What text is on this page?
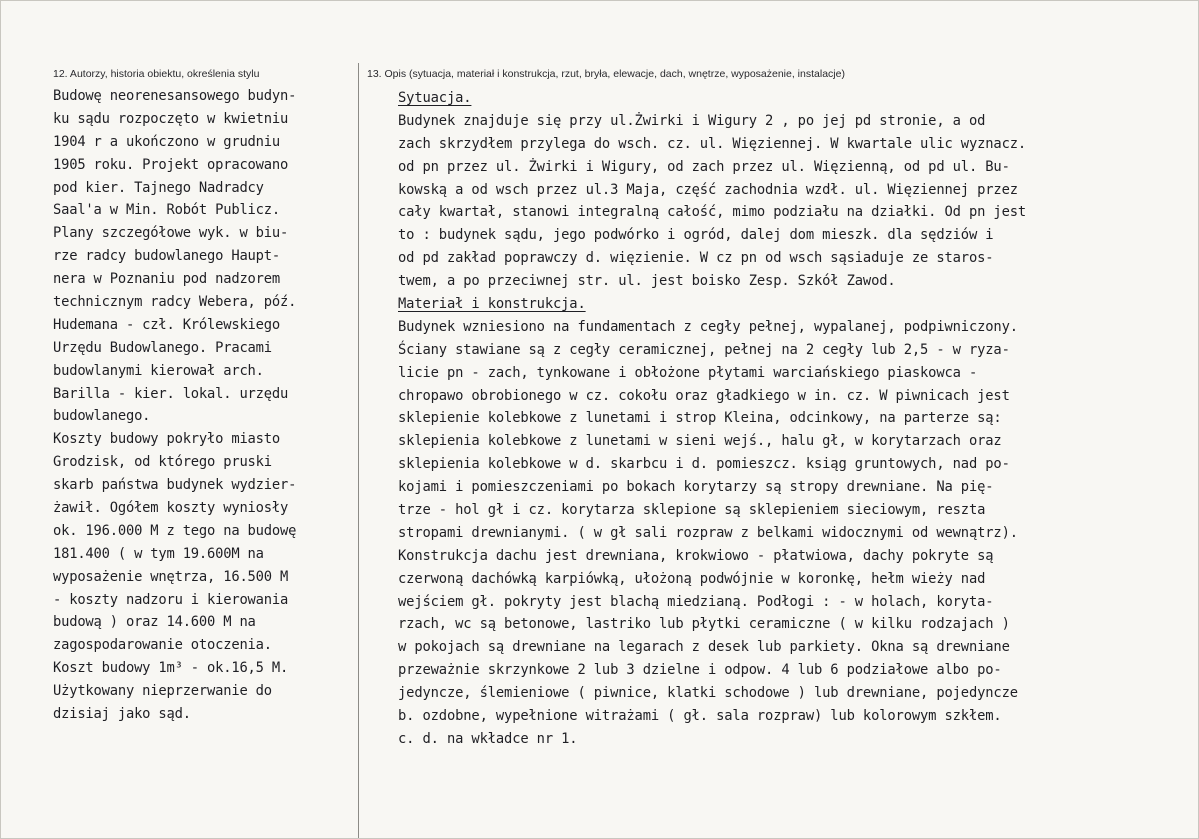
12. Autorzy, historia obiektu, określenia stylu	13. Opis (sytuacja, materiał i konstrukcja, rzut, bryła, elewacje, dach, wnętrze, wyposażenie, instalacje)
Budowę neorenesansowego budyn-
ku sądu rozpoczęto w kwietniu
1904 r a ukończono w grudniu
1905 roku. Projekt opracowano
pod kier. Tajnego Nadradcy
Saal'a w Min. Robót Publicz.
Plany szczegółowe wyk. w biu-
rze radcy budowlanego Haupt-
nera w Poznaniu pod nadzorem
technicznym radcy Webera, póź.
Hudemana - czł. Królewskiego
Urzędu Budowlanego. Pracami
budowlanymi kierował arch.
Barilla - kier. lokal. urzędu
budowlanego.
Koszty budowy pokryło miasto
Grodzisk, od którego pruski
skarb państwa budynek wydzier-
żawił. Ogółem koszty wyniosły
ok. 196.000 M z tego na budowę
181.400 ( w tym 19.600M na
wyposażenie wnętrza, 16.500 M
- koszty nadzoru i kierowania
budową ) oraz 14.600 M na
zagospodarowanie otoczenia.
Koszt budowy 1m³ - ok.16,5 M.
Użytkowany nieprzerwanie do
dzisiaj jako sąd.
Sytuacja.
Budynek znajduje się przy ul.Żwirki i Wigury 2 , po jej pd stronie, a od
zach skrzydłem przylega do wsch. cz. ul. Więziennej. W kwartale ulic wyznacz.
od pn przez ul. Żwirki i Wigury, od zach przez ul. Więzienną, od pd ul. Bu-
kowską a od wsch przez ul.3 Maja, część zachodnia wzdł. ul. Więziennej przez
cały kwartał, stanowi integralną całość, mimo podziału na działki. Od pn jest
to : budynek sądu, jego podwórko i ogród, dalej dom mieszk. dla sędziów i
od pd zakład poprawczy d. więzienie. W cz pn od wsch sąsiaduje ze staros-
twem, a po przeciwnej str. ul. jest boisko Zesp. Szkół Zawod.
Materiał i konstrukcja.
Budynek wzniesiono na fundamentach z cegły pełnej, wypalanej, podpiwniczony.
Ściany stawiane są z cegły ceramicznej, pełnej na 2 cegły lub 2,5 - w ryza-
licie pn - zach, tynkowane i obłożone płytami warciańskiego piaskowca -
chropawo obrobionego w cz. cokołu oraz gładkiego w in. cz. W piwnicach jest
sklepienie kolebkowe z lunetami i strop Kleina, odcinkowy, na parterze są:
sklepienia kolebkowe z lunetami w sieni wejś., halu gł, w korytarzach oraz
sklepienia kolebkowe w d. skarbcu i d. pomieszcz. ksiąg gruntowych, nad po-
kojami i pomieszczeniami po bokach korytarzy są stropy drewniane. Na pię-
trze - hol gł i cz. korytarza sklepione są sklepieniem sieciowym, reszta
stropami drewnianymi. ( w gł sali rozpraw z belkami widocznymi od wewnątrz).
Konstrukcja dachu jest drewniana, krokwiowo - płatwiowa, dachy pokryte są
czerwoną dachówką karpiówką, ułożoną podwójnie w koronkę, hełm wieży nad
wejściem gł. pokryty jest blachą miedzianą. Podłogi : - w holach, koryta-
rzach, wc są betonowe, lastriko lub płytki ceramiczne ( w kilku rodzajach )
w pokojach są drewniane na legarach z desek lub parkiety. Okna są drewniane
przeważnie skrzynkowe 2 lub 3 dzielne i odpow. 4 lub 6 podziałowe albo po-
jedyncze, ślemieniowe ( piwnice, klatki schodowe ) lub drewniane, pojedyncze
b. ozdobne, wypełnione witrażami ( gł. sala rozpraw) lub kolorowym szkłem.
c. d. na wkładce nr 1.
